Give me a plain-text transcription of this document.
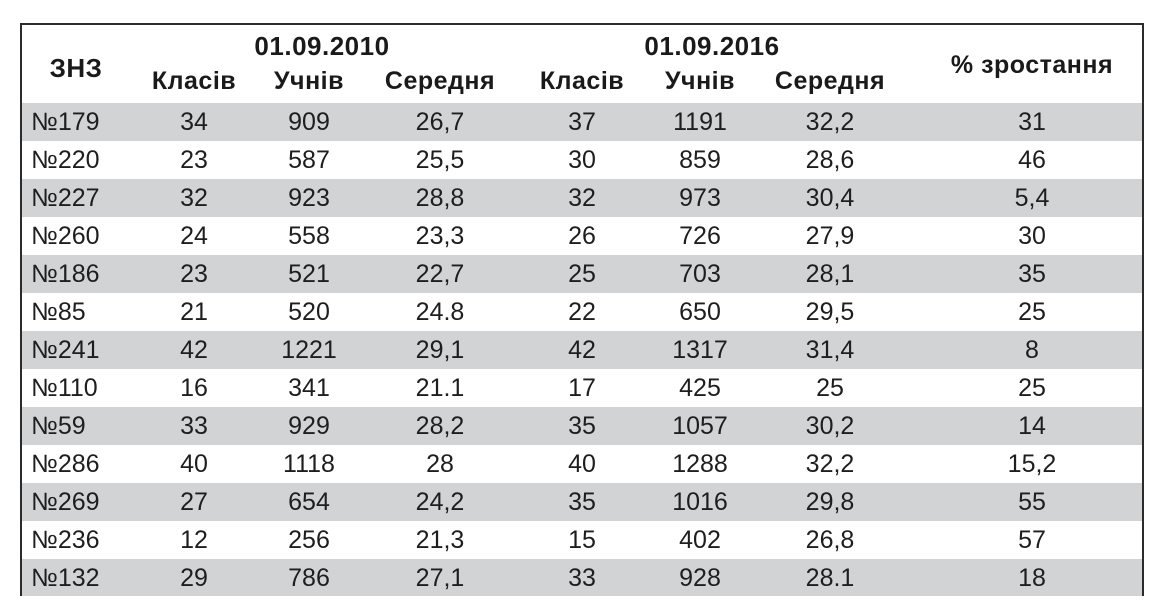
ЗНЗ
01.09.2010	01.09.2016
% зростання
Класів Учнів Середня Класів Учнів Середня
№179	34	909	26,7	37	1191	32,2	31
№220	23	587	25,5	30	859	28,6	46
№227	32	923	28,8	32	973	30,4	5,4
№260	24	558	23,3	26	726	27,9	30
№186	23	521	22,7	25	703	28,1	35
№85	21	520	24.8	22	650	29,5	25
№241	42	1221	29,1	42	1317	31,4	8
№110	16	341	21.1	17	425	25	25
№59	33	929	28,2	35	1057	30,2	14
№286	40	1118	28	40	1288	32,2	15,2
№269	27	654	24,2	35	1016	29,8	55
№236	12	256	21,3	15	402	26,8	57
№132	29	786	27,1	33	928	28.1	18
